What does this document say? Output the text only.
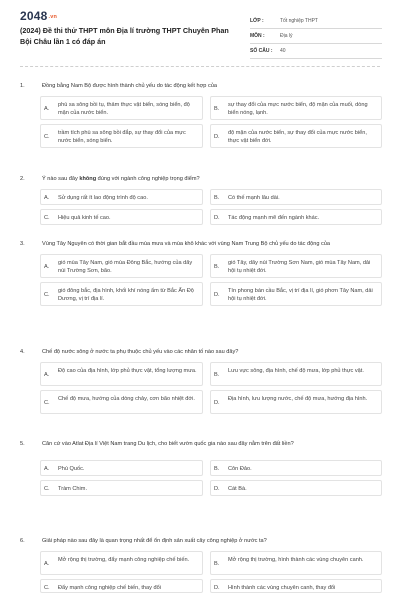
2048.vn
(2024) Đề thi thử THPT môn Địa lí trường THPT Chuyên Phan Bội Châu lần 1 có đáp án
LỚP :	Tốt nghiệp THPT
MÔN :	Địa lý
SỐ CÂU :	40
1.	Đồng bằng Nam Bộ được hình thành chủ yếu do tác động kết hợp của
A.
phù sa sông bồi tụ, thảm thực vật biển, sóng biển, độ mặn của nước biển.
B.
sự thay đổi của mực nước biển, độ mặn của muối, dòng biển nóng, lạnh.
C.
trầm tích phù sa sông bồi đắp, sự thay đổi của mực nước biển, sóng biển.
D.
độ mặn của nước biển, sự thay đổi của mực nước biển, thực vật biển đới.
2.	Ý nào sau đây không đúng với ngành công nghiệp trọng điểm?
A. Sử dụng rất ít lao động trình độ cao.	B. Có thế mạnh lâu dài.
C. Hiệu quả kinh tế cao.	D. Tác động mạnh mẽ đến ngành khác.
3.	Vùng Tây Nguyên có thời gian bắt đầu mùa mưa và mùa khô khác với vùng Nam Trung Bộ chủ yếu do tác động của
A.
gió mùa Tây Nam, gió mùa Đông Bắc, hướng của dãy núi Trường Sơn, bão.
B.
gió Tây, dãy núi Trường Sơn Nam, gió mùa Tây Nam, dải hội tụ nhiệt đới.
C.
gió đông bắc, địa hình, khối khí nóng ẩm từ Bắc Ấn Độ Dương, vị trí địa lí.
D.
Tín phong bán cầu Bắc, vị trí địa lí, gió phơn Tây Nam, dải hội tụ nhiệt đới.
4.	Chế độ nước sông ở nước ta phụ thuộc chủ yếu vào các nhân tố nào sau đây?
A.
Độ cao của địa hình, lớp phủ thực vật, tổng lượng mưa.
B.
Lưu vực sông, địa hình, chế độ mưa, lớp phủ thực vật.
C.
Chế độ mưa, hướng của dòng chảy, cơn bão nhiệt đới.
D.
Địa hình, lưu lượng nước, chế độ mưa, hướng địa hình.
5.	Căn cứ vào Atlat Địa lí Việt Nam trang Du lịch, cho biết vườn quốc gia nào sau đây nằm trên đất liền?
A. Phú Quốc.	B. Côn Đảo.
C. Tràm Chim.	D. Cát Bà.
6.	Giải pháp nào sau đây là quan trọng nhất để ổn định sản xuất cây công nghiệp ở nước ta?
A.
Mở rộng thị trường, đẩy mạnh công nghiệp chế biến.
B.
Mở rộng thị trường, hình thành các vùng chuyên canh.
C. Đẩy mạnh công nghiệp chế biến, thay đổi	D. Hình thành các vùng chuyên canh, thay đổi
